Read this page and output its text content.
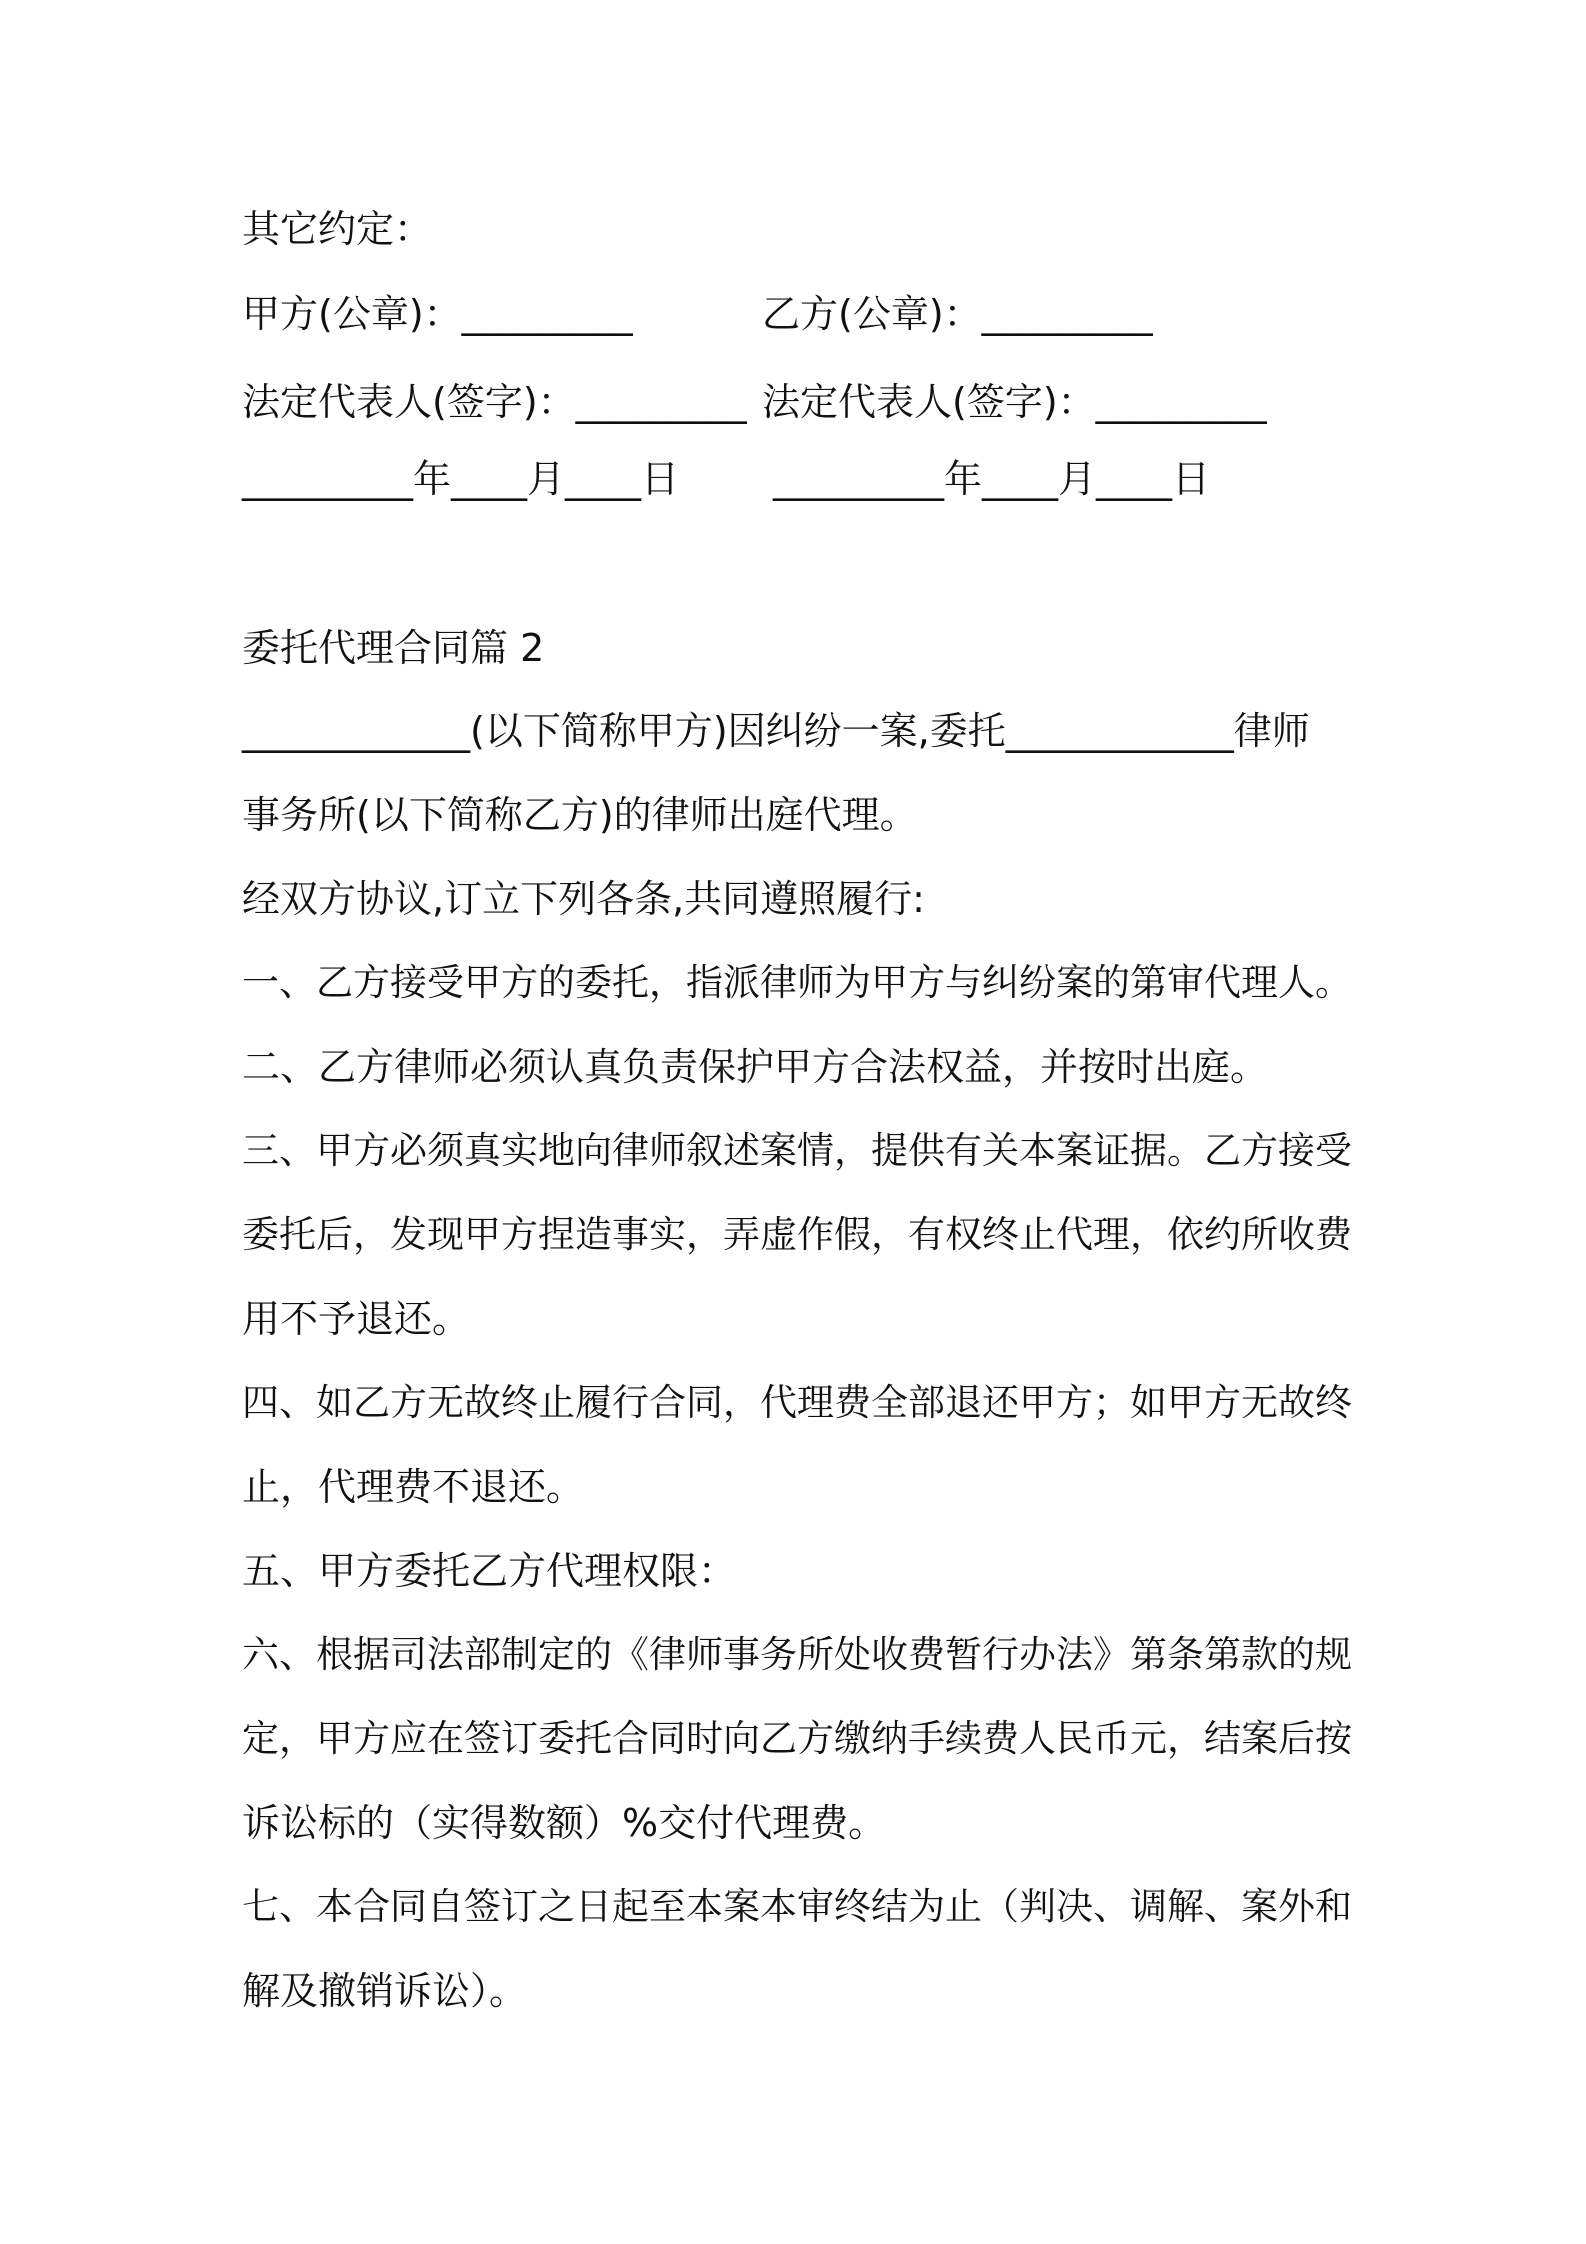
其它约定：
甲方(公章)：_________	乙方(公章)：_________
法定代表人(签字)：_________ 法定代表人(签字)：_________
_________年____月____日 _________年____月____日
委托代理合同篇 2
____________(以下简称甲方)因纠纷一案,委托____________律师
事务所(以下简称乙方)的律师出庭代理。
经双方协议,订立下列各条,共同遵照履行:
一、乙方接受甲方的委托，指派律师为甲方与纠纷案的第审代理人。
二、乙方律师必须认真负责保护甲方合法权益，并按时出庭。
三、甲方必须真实地向律师叙述案情，提供有关本案证据。乙方接受
委托后，发现甲方捏造事实，弄虚作假，有权终止代理，依约所收费
用不予退还。
四、如乙方无故终止履行合同，代理费全部退还甲方；如甲方无故终
止，代理费不退还。
五、甲方委托乙方代理权限：
六、根据司法部制定的《律师事务所处收费暂行办法》第条第款的规
定，甲方应在签订委托合同时向乙方缴纳手续费人民币元，结案后按
诉讼标的（实得数额）%交付代理费。
七、本合同自签订之日起至本案本审终结为止（判决、调解、案外和
解及撤销诉讼）。
